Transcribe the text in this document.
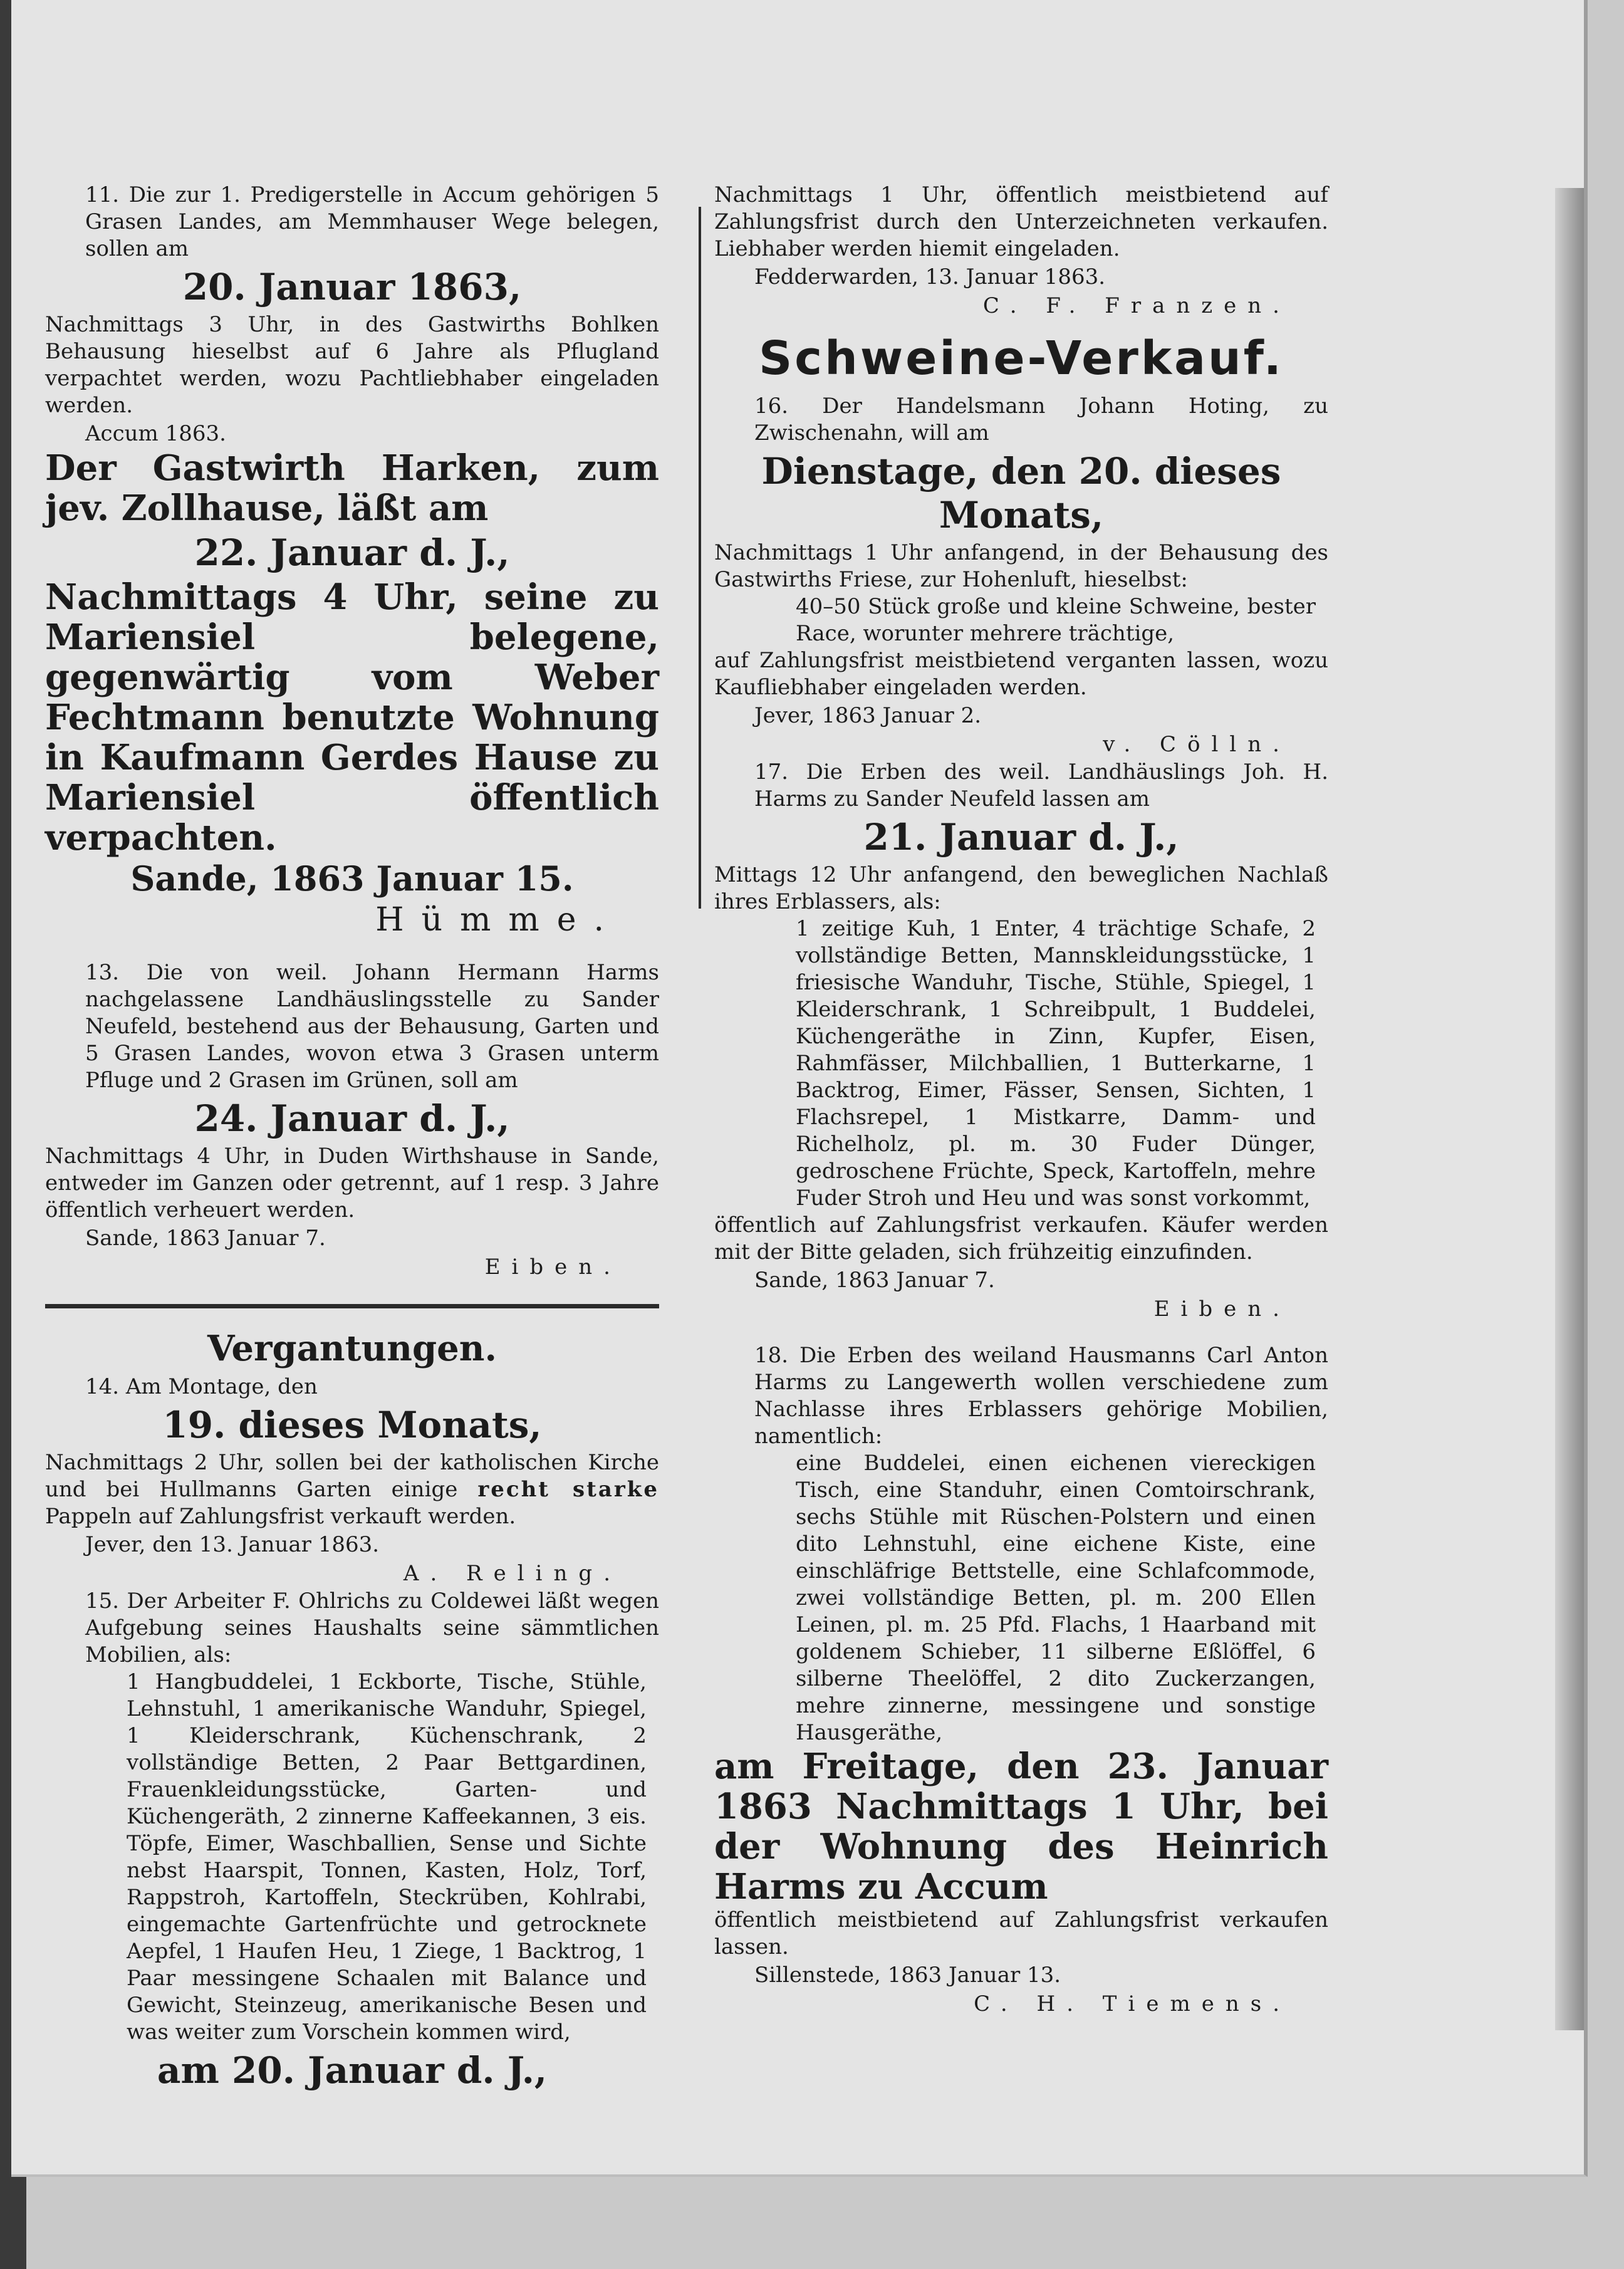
11. Die zur 1. Predigerstelle in Accum gehörigen 5 Grasen Landes, am Memmhauser Wege belegen, sollen am

20. Januar 1863,

Nachmittags 3 Uhr, in des Gastwirths Bohlken Behausung hieselbst auf 6 Jahre als Pflugland verpachtet werden, wozu Pachtliebhaber eingeladen werden.

Accum 1863.

Der Gastwirth Harken, zum jev. Zollhause, läßt am

22. Januar d. J.,

Nachmittags 4 Uhr, seine zu Mariensiel belegene, gegenwärtig vom Weber Fechtmann benutzte Wohnung in Kaufmann Gerdes Hause zu Mariensiel öffentlich verpachten.

Sande, 1863 Januar 15.

Hümme.

13. Die von weil. Johann Hermann Harms nachgelassene Landhäuslingsstelle zu Sander Neufeld, bestehend aus der Behausung, Garten und 5 Grasen Landes, wovon etwa 3 Grasen unterm Pfluge und 2 Grasen im Grünen, soll am

24. Januar d. J.,

Nachmittags 4 Uhr, in Duden Wirthshause in Sande, entweder im Ganzen oder getrennt, auf 1 resp. 3 Jahre öffentlich verheuert werden.

Sande, 1863 Januar 7.

Eiben.

Vergantungen.

14. Am Montage, den

19. dieses Monats,

Nachmittags 2 Uhr, sollen bei der katholischen Kirche und bei Hullmanns Garten einige recht starke Pappeln auf Zahlungsfrist verkauft werden.

Jever, den 13. Januar 1863.

A. Reling.

15. Der Arbeiter F. Ohlrichs zu Coldewei läßt wegen Aufgebung seines Haushalts seine sämmtlichen Mobilien, als:

1 Hangbuddelei, 1 Eckborte, Tische, Stühle, Lehnstuhl, 1 amerikanische Wanduhr, Spiegel, 1 Kleiderschrank, Küchenschrank, 2 vollständige Betten, 2 Paar Bettgardinen, Frauenkleidungsstücke, Garten- und Küchengeräth, 2 zinnerne Kaffeekannen, 3 eis. Töpfe, Eimer, Waschballien, Sense und Sichte nebst Haarspit, Tonnen, Kasten, Holz, Torf, Rappstroh, Kartoffeln, Steckrüben, Kohlrabi, eingemachte Gartenfrüchte und getrocknete Aepfel, 1 Haufen Heu, 1 Ziege, 1 Backtrog, 1 Paar messingene Schaalen mit Balance und Gewicht, Steinzeug, amerikanische Besen und was weiter zum Vorschein kommen wird,

am 20. Januar d. J.,

Nachmittags 1 Uhr, öffentlich meistbietend auf Zahlungsfrist durch den Unterzeichneten verkaufen. Liebhaber werden hiemit eingeladen.

Fedderwarden, 13. Januar 1863.

C. F. Franzen.

Schweine-Verkauf.

16. Der Handelsmann Johann Hoting, zu Zwischenahn, will am

Dienstage, den 20. dieses Monats,

Nachmittags 1 Uhr anfangend, in der Behausung des Gastwirths Friese, zur Hohenluft, hieselbst:

40–50 Stück große und kleine Schweine, bester Race, worunter mehrere trächtige,

auf Zahlungsfrist meistbietend verganten lassen, wozu Kaufliebhaber eingeladen werden.

Jever, 1863 Januar 2.

v. Cölln.

17. Die Erben des weil. Landhäuslings Joh. H. Harms zu Sander Neufeld lassen am

21. Januar d. J.,

Mittags 12 Uhr anfangend, den beweglichen Nachlaß ihres Erblassers, als:

1 zeitige Kuh, 1 Enter, 4 trächtige Schafe, 2 vollständige Betten, Mannskleidungsstücke, 1 friesische Wanduhr, Tische, Stühle, Spiegel, 1 Kleiderschrank, 1 Schreibpult, 1 Buddelei, Küchengeräthe in Zinn, Kupfer, Eisen, Rahmfässer, Milchballien, 1 Butterkarne, 1 Backtrog, Eimer, Fässer, Sensen, Sichten, 1 Flachsrepel, 1 Mistkarre, Damm- und Richelholz, pl. m. 30 Fuder Dünger, gedroschene Früchte, Speck, Kartoffeln, mehre Fuder Stroh und Heu und was sonst vorkommt,

öffentlich auf Zahlungsfrist verkaufen. Käufer werden mit der Bitte geladen, sich frühzeitig einzufinden.

Sande, 1863 Januar 7.

Eiben.

18. Die Erben des weiland Hausmanns Carl Anton Harms zu Langewerth wollen verschiedene zum Nachlasse ihres Erblassers gehörige Mobilien, namentlich:

eine Buddelei, einen eichenen viereckigen Tisch, eine Standuhr, einen Comtoirschrank, sechs Stühle mit Rüschen-Polstern und einen dito Lehnstuhl, eine eichene Kiste, eine einschläfrige Bettstelle, eine Schlafcommode, zwei vollständige Betten, pl. m. 200 Ellen Leinen, pl. m. 25 Pfd. Flachs, 1 Haarband mit goldenem Schieber, 11 silberne Eßlöffel, 6 silberne Theelöffel, 2 dito Zuckerzangen, mehre zinnerne, messingene und sonstige Hausgeräthe,

am Freitage, den 23. Januar 1863 Nachmittags 1 Uhr, bei der Wohnung des Heinrich Harms zu Accum

öffentlich meistbietend auf Zahlungsfrist verkaufen lassen.

Sillenstede, 1863 Januar 13.

C. H. Tiemens.
